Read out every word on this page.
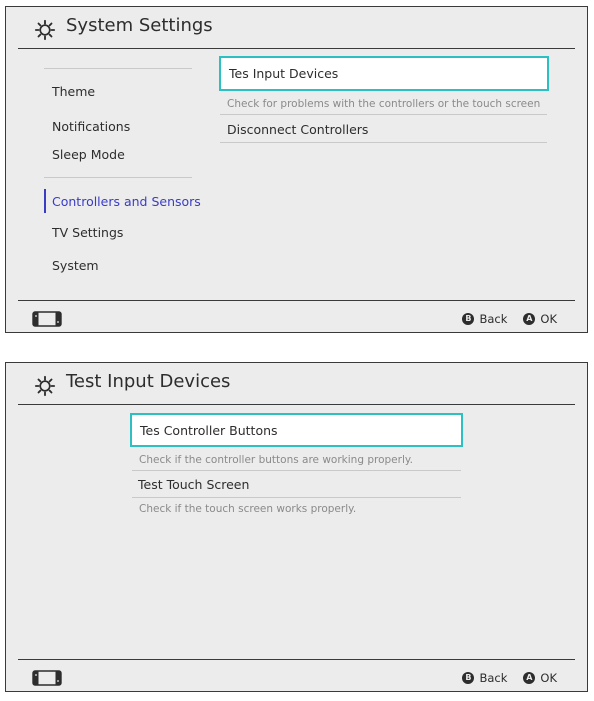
System Settings
Theme
Notifications
Sleep Mode
Controllers and Sensors
TV Settings
System
Tes Input Devices
Check for problems with the controllers or the touch screen
Disconnect Controllers
B Back	A OK
Test Input Devices
Tes Controller Buttons
Check if the controller buttons are working properly.
Test Touch Screen
Check if the touch screen works properly.
B Back	A OK
